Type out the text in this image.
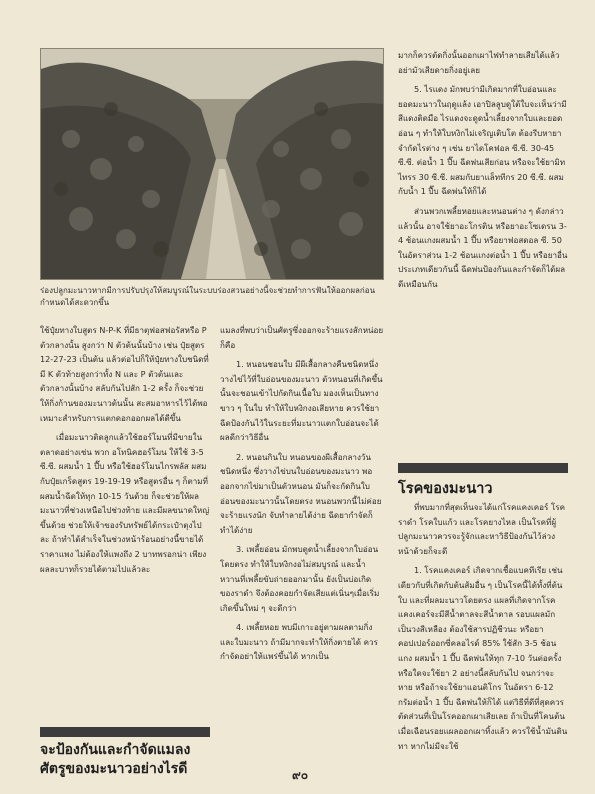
ร่องปลูกมะนาวหากมีการปรับปรุงให้สมบูรณ์ในระบบร่องสวนอย่างนี้จะช่วยทำการฟันให้ออกผลก่อนกำหนดได้สะดวกขึ้น

ใช้ปุ๋ยทางใบสูตร N-P-K ที่มีธาตุฟอสฟอรัสหรือ P ตัวกลางนั้น สูงกว่า N ตัวต้นนั้นบ้าง เช่น ปุ๋ยสูตร 12-27-23 เป็นต้น แล้วต่อไปก็ให้ปุ๋ยทางใบชนิดที่มี K ตัวท้ายสูงกว่าทั้ง N และ P ตัวต้นและตัวกลางนั้นบ้าง สลับกันไปสัก 1-2 ครั้ง ก็จะช่วยให้กิ่งก้านของมะนาวต้นนั้น สะสมอาหารไว้ได้พอเหมาะสำหรับการแตกดอกออกผลได้ดีขึ้น

เมื่อมะนาวติดลูกแล้วใช้ฮอร์โมนที่มีขายในตลาดอย่างเช่น พวก อโทนิคฮอร์โมน ให้ใช้ 3-5 ซี.ซี. ผสมน้ำ 1 ปี๊บ หรือใช้ฮอร์โมนไกรพลัส ผสมกับปุ๋ยเกร็ดสูตร 19-19-19 หรือสูตรอื่น ๆ ก็ตามที่ผสมน้ำฉีดให้ทุก 10-15 วันด้วย ก็จะช่วยให้ผลมะนาวที่ช่วงเหนือไปช่วงท้าย และมีผลขนาดใหญ่ขึ้นด้วย ช่วยให้เจ้าของรับทรัพย์ได้กระเป๋าตุงไปละ ถ้าทำได้สำเร็จในช่วงหน้าร้อนอย่างนี้ขายได้ราคาแพง ไม่ต้องให้แพงถึง 2 บาทพรอกน่า เพียงผลละบาทก็รวยได้ตามไปแล้วละ

จะป้องกันและกำจัดแมลงศัตรูของมะนาวอย่างไรดี

แมลงที่พบว่าเป็นศัตรูซึ่งออกจะร้ายแรงสักหน่อยก็คือ

1. หนอนชอนใบ มีผีเสื้อกลางคืนชนิดหนึ่ง วางไข่ไว้ที่ใบอ่อนของมะนาว ตัวหนอนที่เกิดขึ้นนั้นจะชอนเข้าไปกัดกินเนื้อใบ มองเห็นเป็นทางขาว ๆ ในใบ ทำให้ใบหงิกงอเสียหาย ควรใช้ยาฉีดป้องกันไว้ในระยะที่มะนาวแตกใบอ่อนจะได้ผลดีกว่าวิธีอื่น

2. หนอนกินใบ หนอนของผีเสื้อกลางวันชนิดหนึ่ง ซึ่งวางไข่บนใบอ่อนของมะนาว พอออกจากไข่มาเป็นตัวหนอน มันก็จะกัดกินใบอ่อนของมะนาวนั้นโดยตรง หนอนพวกนี้ไม่ค่อยจะร้ายแรงนัก จับทำลายได้ง่าย ฉีดยากำจัดก็ทำได้ง่าย

3. เพลี้ยอ่อน มักพบดูดน้ำเลี้ยงจากใบอ่อนโดยตรง ทำให้ใบหงิกงอไม่สมบูรณ์ และน้ำหวานที่เพลี้ยขับถ่ายออกมานั้น ยังเป็นบ่อเกิดของราดำ จึงต้องคอยกำจัดเสียแต่เนิ่นๆเมื่อเริ่มเกิดขึ้นใหม่ ๆ จะดีกว่า

4. เพลี้ยหอย พบมีเกาะอยู่ตามผลตามกิ่งและใบมะนาว ถ้ามีมากจะทำให้กิ่งตายได้ ควรกำจัดอย่าให้แพร่ขึ้นได้ หากเป็น

มากก็ควรตัดกิ่งนั้นออกเผาไฟทำลายเสียได้แล้ว อย่ามัวเสียดายกิ่งอยู่เลย

5. ไรแดง มักพบว่ามีเกิดมากที่ใบอ่อนและยอดมะนาวในฤดูแล้ง เอาปิลลูบดูใต้ใบจะเห็นว่ามีสีแดงติดมือ ไรแดงจะดูดน้ำเลี้ยงจากใบและยอดอ่อน ๆ ทำให้ใบหงิกไม่เจริญเติบโต ต้องรีบหายาจำกัดไรต่าง ๆ เช่น ยาไดโคฟอล ซี.ซี. 30-45 ซี.ซี. ต่อน้ำ 1 ปี๊บ ฉีดพ่นเสียก่อน หรือจะใช้ยามิทไทรร 30 ซี.ซี. ผสมกับยาแล็ททีกร 20 ซี.ซี. ผสมกับน้ำ 1 ปี๊บ ฉีดพ่นให้ก็ได้

ส่วนพวกเพลี้ยหอยและหนอนต่าง ๆ ดังกล่าวแล้วนั้น อาจใช้ยาอะโกรติน หรือยาอะโซเดรน 3-4 ช้อนแกงผสมน้ำ 1 ปี๊บ หรือยาฟอสดอล ซี. 50 ในอัตราส่วน 1-2 ช้อนแกงต่อน้ำ 1 ปี๊บ หรือยาอื่นประเภทเดียวกันนี้ ฉีดพ่นป้องกันและกำจัดก็ได้ผลดีเหมือนกัน

โรคของมะนาว

ที่พบมากที่สุดเห็นจะได้แก่โรคแคงเคอร์ โรคราดำ โรคใบแก้ว และโรคยางไหล เป็นโรคที่ผู้ปลูกมะนาวควรจะรู้จักและหาวิธีป้องกันไว้ล่วงหน้าด้วยก็จะดี

1. โรคแคงเคอร์ เกิดจากเชื้อแบคทีเรีย เช่นเดียวกับที่เกิดกับต้นส้มอื่น ๆ เป็นโรคนี้ได้ทั้งที่ต้น ใบ และที่ผลมะนาวโดยตรง แผลที่เกิดจากโรคแคงเคอร์จะมีสีน้ำตาลจะสีน้ำตาล รอบแผลมักเป็นวงสีเหลือง ต้องใช้สารปฏิชีวนะ หรือยาคอปเปอร์ออกซี่คลอไรด์ 85% ใช้สัก 3-5 ช้อนแกง ผสมน้ำ 1 ปี๊บ ฉีดพ่นให้ทุก 7-10 วันต่อครั้ง หรือใดจะใช้ยา 2 อย่างนี้สลับกันไป จนกว่าจะหาย หรือถ้าจะใช้ยาแอนติโกร ในอัตรา 6-12 กรัมต่อน้ำ 1 ปี๊บ ฉีดพ่นให้ก็ได้ แต่วิธีที่ดีที่สุดควรตัดส่วนที่เป็นโรคออกเผาเสียเลย ถ้าเป็นที่โคนต้นเมื่อเฉือนรอยแผลออกเผาทิ้งแล้ว ควรใช้น้ำมันดินทา หากไม่มีจะใช้

๙๐
